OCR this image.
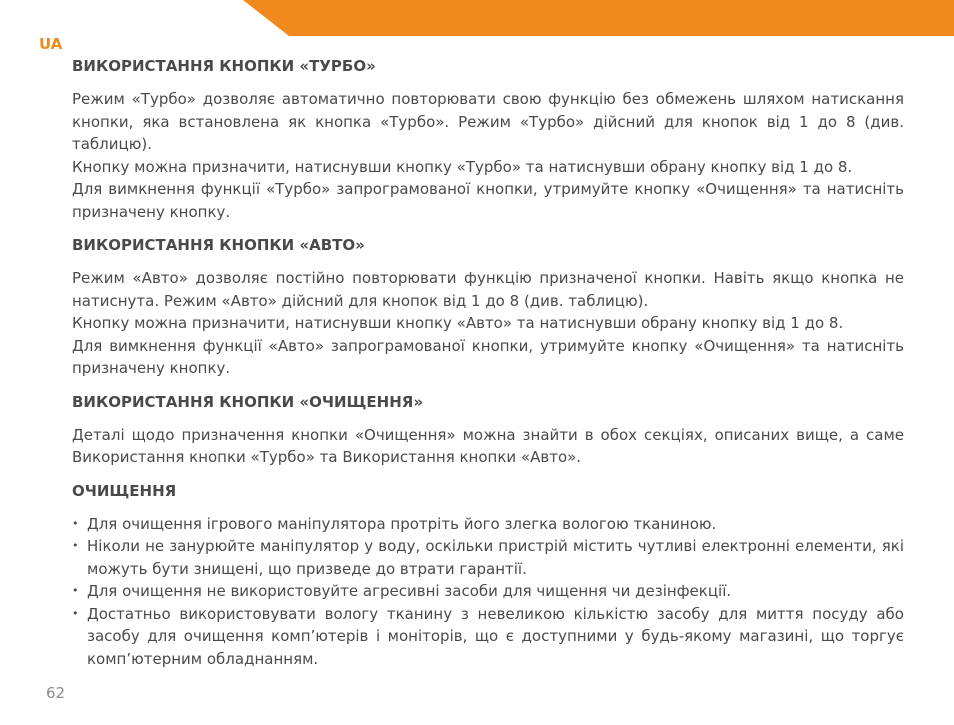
UA
ВИКОРИСТАННЯ КНОПКИ «ТУРБО»

Режим «Турбо» дозволяє автоматично повторювати свою функцію без обмежень шляхом натискання кнопки, яка встановлена як кнопка «Турбо». Режим «Турбо» дійсний для кнопок від 1 до 8 (див. таблицю).

Кнопку можна призначити, натиснувши кнопку «Турбо» та натиснувши обрану кнопку від 1 до 8.

Для вимкнення функції «Турбо» запрограмованої кнопки, утримуйте кнопку «Очищення» та натисніть призначену кнопку.

ВИКОРИСТАННЯ КНОПКИ «АВТО»

Режим «Авто» дозволяє постійно повторювати функцію призначеної кнопки. Навіть якщо кнопка не натиснута. Режим «Авто» дійсний для кнопок від 1 до 8 (див. таблицю).

Кнопку можна призначити, натиснувши кнопку «Авто» та натиснувши обрану кнопку від 1 до 8.

Для вимкнення функції «Авто» запрограмованої кнопки, утримуйте кнопку «Очищення» та натисніть призначену кнопку.

ВИКОРИСТАННЯ КНОПКИ «ОЧИЩЕННЯ»

Деталі щодо призначення кнопки «Очищення» можна знайти в обох секціях, описаних вище, а саме Використання кнопки «Турбо» та Використання кнопки «Авто».

ОЧИЩЕННЯ
• Для очищення ігрового маніпулятора протріть його злегка вологою тканиною.
• Ніколи не занурюйте маніпулятор у воду, оскільки пристрій містить чутливі електронні елементи, які можуть бути знищені, що призведе до втрати гарантії.
• Для очищення не використовуйте агресивні засоби для чищення чи дезінфекції.
• Достатньо використовувати вологу тканину з невеликою кількістю засобу для миття посуду або засобу для очищення комп’ютерів і моніторів, що є доступними у будь-якому магазині, що торгує комп’ютерним обладнанням.
62
